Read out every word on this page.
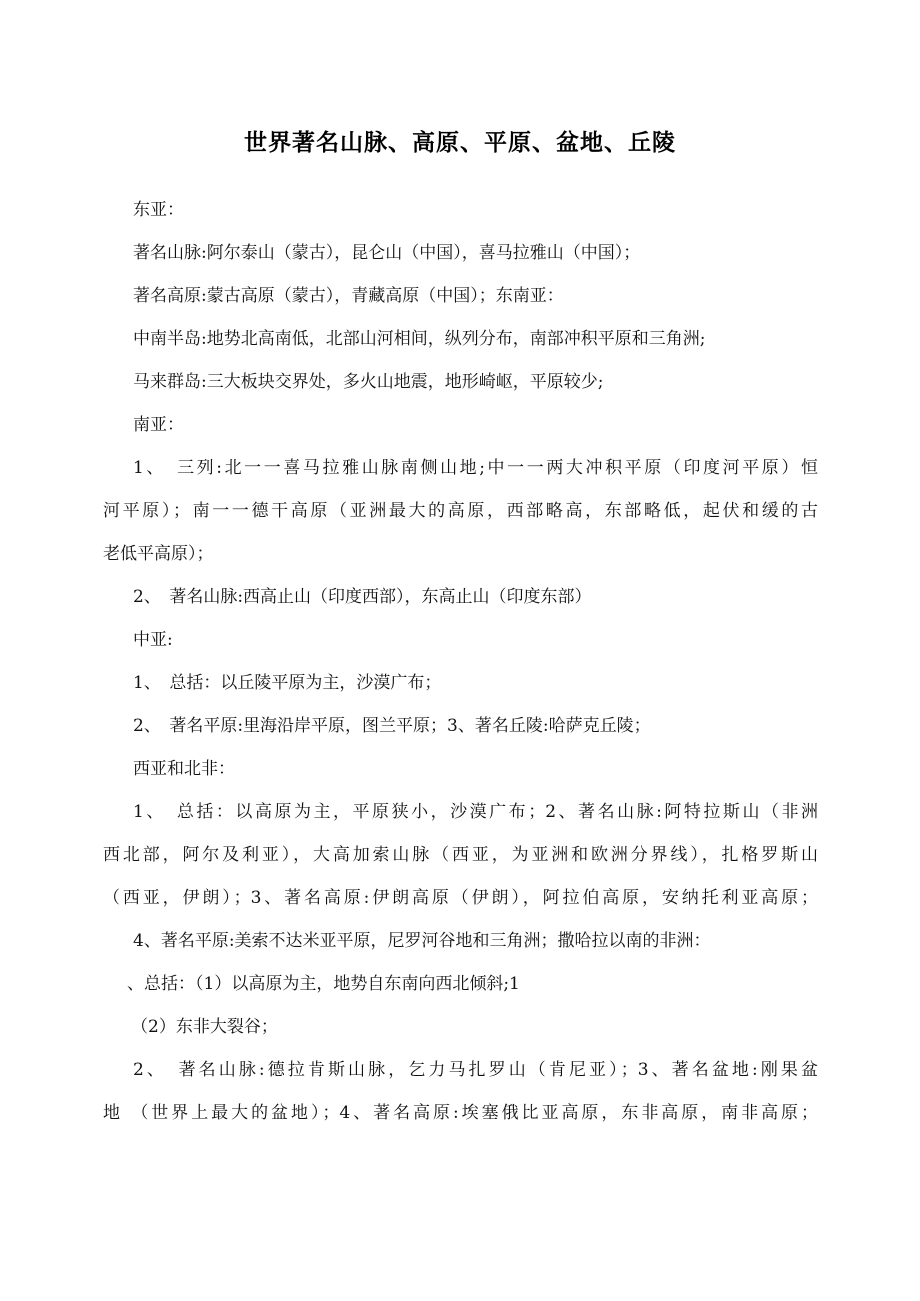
世界著名山脉、高原、平原、盆地、丘陵
东亚：
著名山脉:阿尔泰山（蒙古），昆仑山（中国），喜马拉雅山（中国）；
著名高原:蒙古高原（蒙古），青藏高原（中国）；东南亚：
中南半岛:地势北高南低，北部山河相间，纵列分布，南部冲积平原和三角洲;
马来群岛:三大板块交界处，多火山地震，地形崎岖，平原较少;
南亚：
1、　三列:北一一喜马拉雅山脉南侧山地;中一一两大冲积平原（印度河平原）恒
河平原）；南一一德干高原（亚洲最大的高原，西部略高，东部略低，起伏和缓的古
老低平高原）；
2、　著名山脉:西高止山（印度西部），东高止山（印度东部）
中亚:
1、　总括：以丘陵平原为主，沙漠广布；
2、　著名平原:里海沿岸平原，图兰平原；3、著名丘陵:哈萨克丘陵；
西亚和北非：
1、　总括：以高原为主，平原狭小，沙漠广布；2、著名山脉:阿特拉斯山（非洲
西北部，阿尔及利亚），大高加索山脉（西亚，为亚洲和欧洲分界线），扎格罗斯山
（西亚，伊朗）；3、著名高原:伊朗高原（伊朗），阿拉伯高原，安纳托利亚高原；
4、著名平原:美索不达米亚平原，尼罗河谷地和三角洲；撒哈拉以南的非洲：
、总括：（1）以高原为主，地势自东南向西北倾斜;1
（2）东非大裂谷；
2、　著名山脉:德拉肯斯山脉，乞力马扎罗山（肯尼亚）；3、著名盆地:刚果盆
地 （世界上最大的盆地）；4、著名高原:埃塞俄比亚高原，东非高原，南非高原；
